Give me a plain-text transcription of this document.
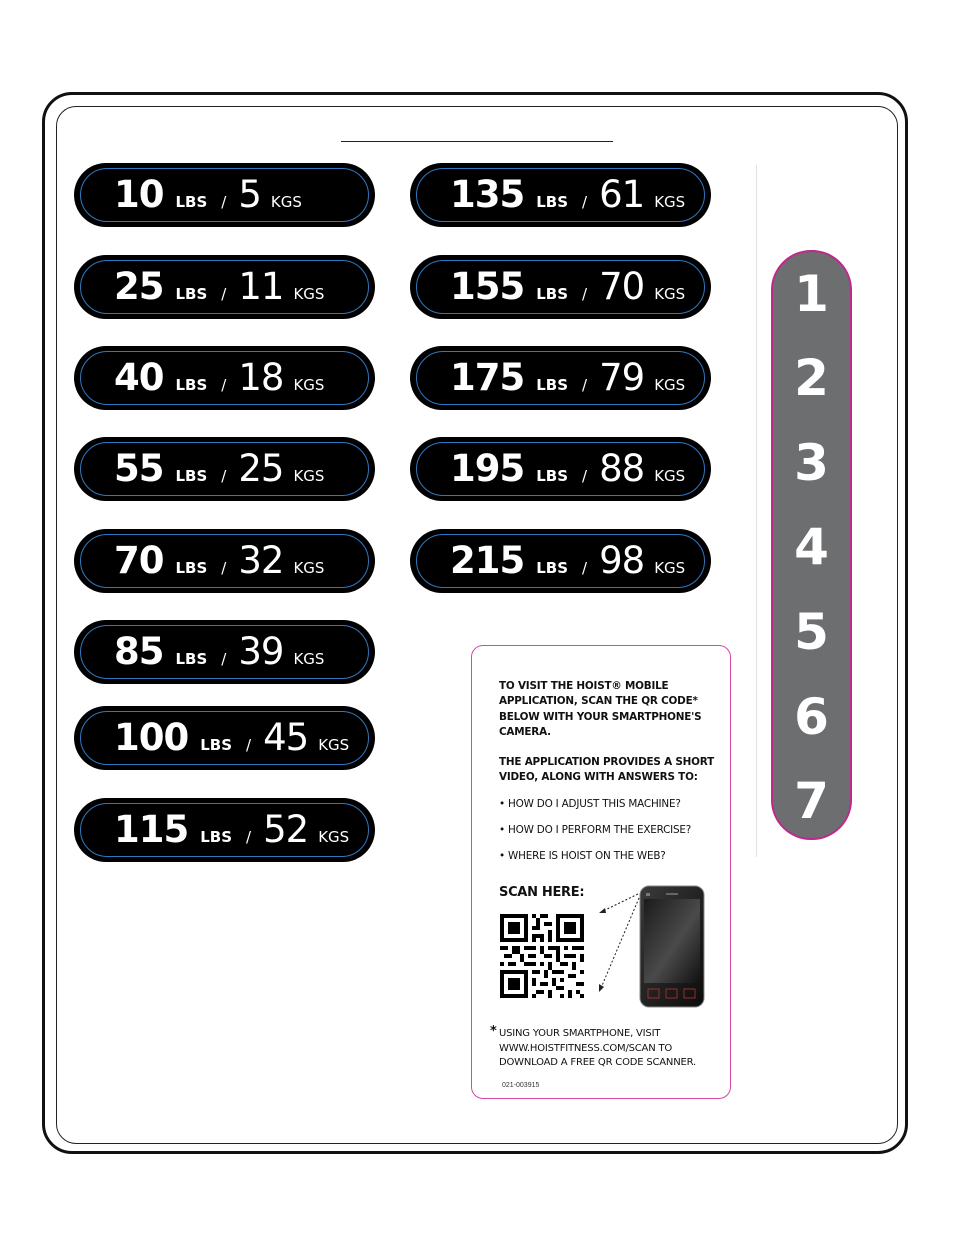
10 LBS / 5 KGS
25 LBS / 11 KGS
40 LBS / 18 KGS
55 LBS / 25 KGS
70 LBS / 32 KGS
85 LBS / 39 KGS
100 LBS / 45 KGS
115 LBS / 52 KGS
135 LBS / 61 KGS
155 LBS / 70 KGS
175 LBS / 79 KGS
195 LBS / 88 KGS
215 LBS / 98 KGS
1
2
3
4
5
6
7
TO VISIT THE HOIST® MOBILE
APPLICATION, SCAN THE QR CODE*
BELOW WITH YOUR SMARTPHONE'S
CAMERA.
THE APPLICATION PROVIDES A SHORT
VIDEO, ALONG WITH ANSWERS TO:
• HOW DO I ADJUST THIS MACHINE?
• HOW DO I PERFORM THE EXERCISE?
• WHERE IS HOIST ON THE WEB?
SCAN HERE:
* USING YOUR SMARTPHONE, VISIT
WWW.HOISTFITNESS.COM/SCAN TO
DOWNLOAD A FREE QR CODE SCANNER.
021-003915
